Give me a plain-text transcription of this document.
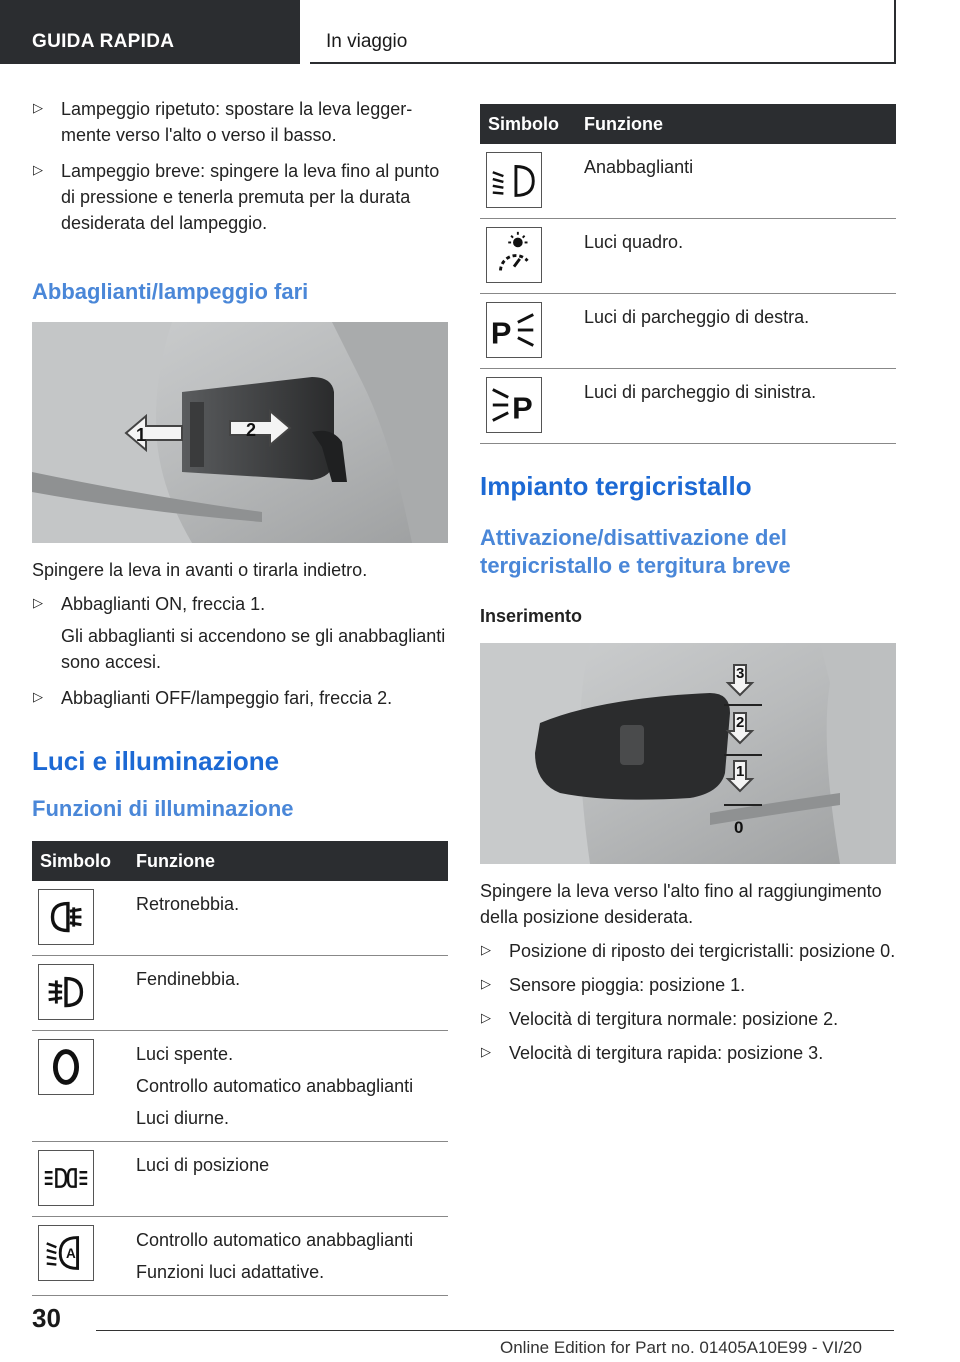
GUIDA RAPIDA	In viaggio
▷ Lampeggio ripetuto: spostare la leva leggermente verso l'alto o verso il basso.
▷ Lampeggio breve: spingere la leva fino al punto di pressione e tenerla premuta per la durata desiderata del lampeggio.
Abbaglianti/lampeggio fari
1	2

Spingere la leva in avanti o tirarla indietro.

▷ Abbaglianti ON, freccia 1.
Gli abbaglianti si accendono se gli anabbaglianti sono accesi.
▷ Abbaglianti OFF/lampeggio fari, freccia 2.
Luci e illuminazione
Funzioni di illuminazione
Simbolo	Funzione

Retronebbia.

Fendinebbia.

Luci spente.
Controllo automatico anabbaglianti
Luci diurne.

Luci di posizione

A	Controllo automatico anabbaglianti
Funzioni luci adattative.
Simbolo	Funzione

Anabbaglianti

Luci quadro.

P	Luci di parcheggio di destra.

P	Luci di parcheggio di sinistra.
Impianto tergicristallo
Attivazione/disattivazione del tergicristallo e tergitura breve
Inserimento
3
2
1
0

Spingere la leva verso l'alto fino al raggiungimento della posizione desiderata.

▷ Posizione di riposto dei tergicristalli: posizione 0.
▷ Sensore pioggia: posizione 1.
▷ Velocità di tergitura normale: posizione 2.
▷ Velocità di tergitura rapida: posizione 3.
30
Online Edition for Part no. 01405A10E99 - VI/20
